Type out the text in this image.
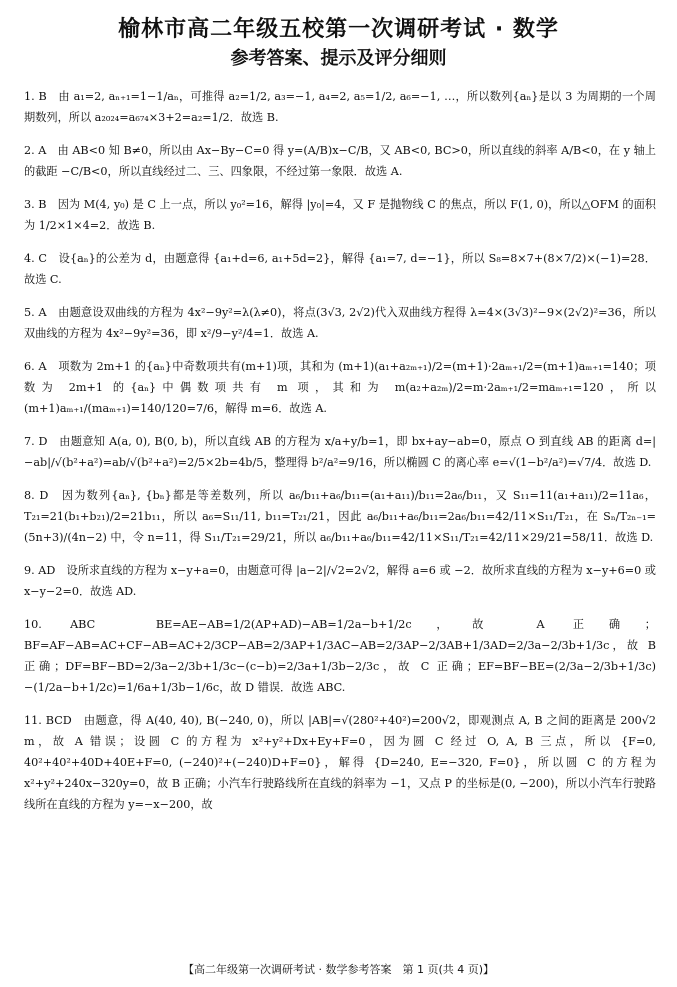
榆林市高二年级五校第一次调研考试 · 数学
参考答案、提示及评分细则

1. B　由 a₁=2, aₙ₊₁=1−1/aₙ，可推得 a₂=1/2, a₃=−1, a₄=2, a₅=1/2, a₆=−1, …，所以数列{aₙ}是以 3 为周期的一个周期数列，所以 a₂₀₂₄=a₆₇₄×3+2=a₂=1/2．故选 B.

2. A　由 AB<0 知 B≠0，所以由 Ax−By−C=0 得 y=(A/B)x−C/B，又 AB<0, BC>0，所以直线的斜率 A/B<0，在 y 轴上的截距 −C/B<0，所以直线经过二、三、四象限，不经过第一象限．故选 A.

3. B　因为 M(4, y₀) 是 C 上一点，所以 y₀²=16，解得 |y₀|=4，又 F 是抛物线 C 的焦点，所以 F(1, 0)，所以△OFM 的面积为 1/2×1×4=2．故选 B.

4. C　设{aₙ}的公差为 d，由题意得 {a₁+d=6, a₁+5d=2}，解得 {a₁=7, d=−1}，所以 S₈=8×7+(8×7/2)×(−1)=28．故选 C.

5. A　由题意设双曲线的方程为 4x²−9y²=λ(λ≠0)，将点(3√3, 2√2)代入双曲线方程得 λ=4×(3√3)²−9×(2√2)²=36，所以双曲线的方程为 4x²−9y²=36，即 x²/9−y²/4=1．故选 A.

6. A　项数为 2m+1 的{aₙ}中奇数项共有(m+1)项，其和为 (m+1)(a₁+a₂ₘ₊₁)/2=(m+1)·2aₘ₊₁/2=(m+1)aₘ₊₁=140；项数为 2m+1 的{aₙ}中偶数项共有 m 项，其和为 m(a₂+a₂ₘ)/2=m·2aₘ₊₁/2=maₘ₊₁=120，所以 (m+1)aₘ₊₁/(maₘ₊₁)=140/120=7/6，解得 m=6．故选 A.

7. D　由题意知 A(a, 0), B(0, b)，所以直线 AB 的方程为 x/a+y/b=1，即 bx+ay−ab=0，原点 O 到直线 AB 的距离 d=|−ab|/√(b²+a²)=ab/√(b²+a²)=2/5×2b=4b/5，整理得 b²/a²=9/16，所以椭圆 C 的离心率 e=√(1−b²/a²)=√7/4．故选 D.

8. D　因为数列{aₙ}, {bₙ}都是等差数列，所以 a₆/b₁₁+a₆/b₁₁=(a₁+a₁₁)/b₁₁=2a₆/b₁₁，又 S₁₁=11(a₁+a₁₁)/2=11a₆，T₂₁=21(b₁+b₂₁)/2=21b₁₁，所以 a₆=S₁₁/11, b₁₁=T₂₁/21，因此 a₆/b₁₁+a₆/b₁₁=2a₆/b₁₁=42/11×S₁₁/T₂₁，在 Sₙ/T₂ₙ₋₁=(5n+3)/(4n−2) 中，令 n=11，得 S₁₁/T₂₁=29/21，所以 a₆/b₁₁+a₆/b₁₁=42/11×S₁₁/T₂₁=42/11×29/21=58/11．故选 D.

9. AD　设所求直线的方程为 x−y+a=0，由题意可得 |a−2|/√2=2√2，解得 a=6 或 −2．故所求直线的方程为 x−y+6=0 或 x−y−2=0．故选 AD.

10. ABC　BE=AE−AB=1/2(AP+AD)−AB=1/2a−b+1/2c，故 A 正确；BF=AF−AB=AC+CF−AB=AC+2/3CP−AB=2/3AP+1/3AC−AB=2/3AP−2/3AB+1/3AD=2/3a−2/3b+1/3c，故 B 正确；DF=BF−BD=2/3a−2/3b+1/3c−(c−b)=2/3a+1/3b−2/3c，故 C 正确；EF=BF−BE=(2/3a−2/3b+1/3c)−(1/2a−b+1/2c)=1/6a+1/3b−1/6c，故 D 错误．故选 ABC.

11. BCD　由题意，得 A(40, 40), B(−240, 0)，所以 |AB|=√(280²+40²)=200√2，即观测点 A, B 之间的距离是 200√2 m，故 A 错误；设圆 C 的方程为 x²+y²+Dx+Ey+F=0，因为圆 C 经过 O, A, B 三点，所以 {F=0, 40²+40²+40D+40E+F=0, (−240)²+(−240)D+F=0}，解得 {D=240, E=−320, F=0}，所以圆 C 的方程为 x²+y²+240x−320y=0，故 B 正确；小汽车行驶路线所在直线的斜率为 −1，又点 P 的坐标是(0, −200)，所以小汽车行驶路线所在直线的方程为 y=−x−200，故

【高二年级第一次调研考试 · 数学参考答案　第 1 页(共 4 页)】
